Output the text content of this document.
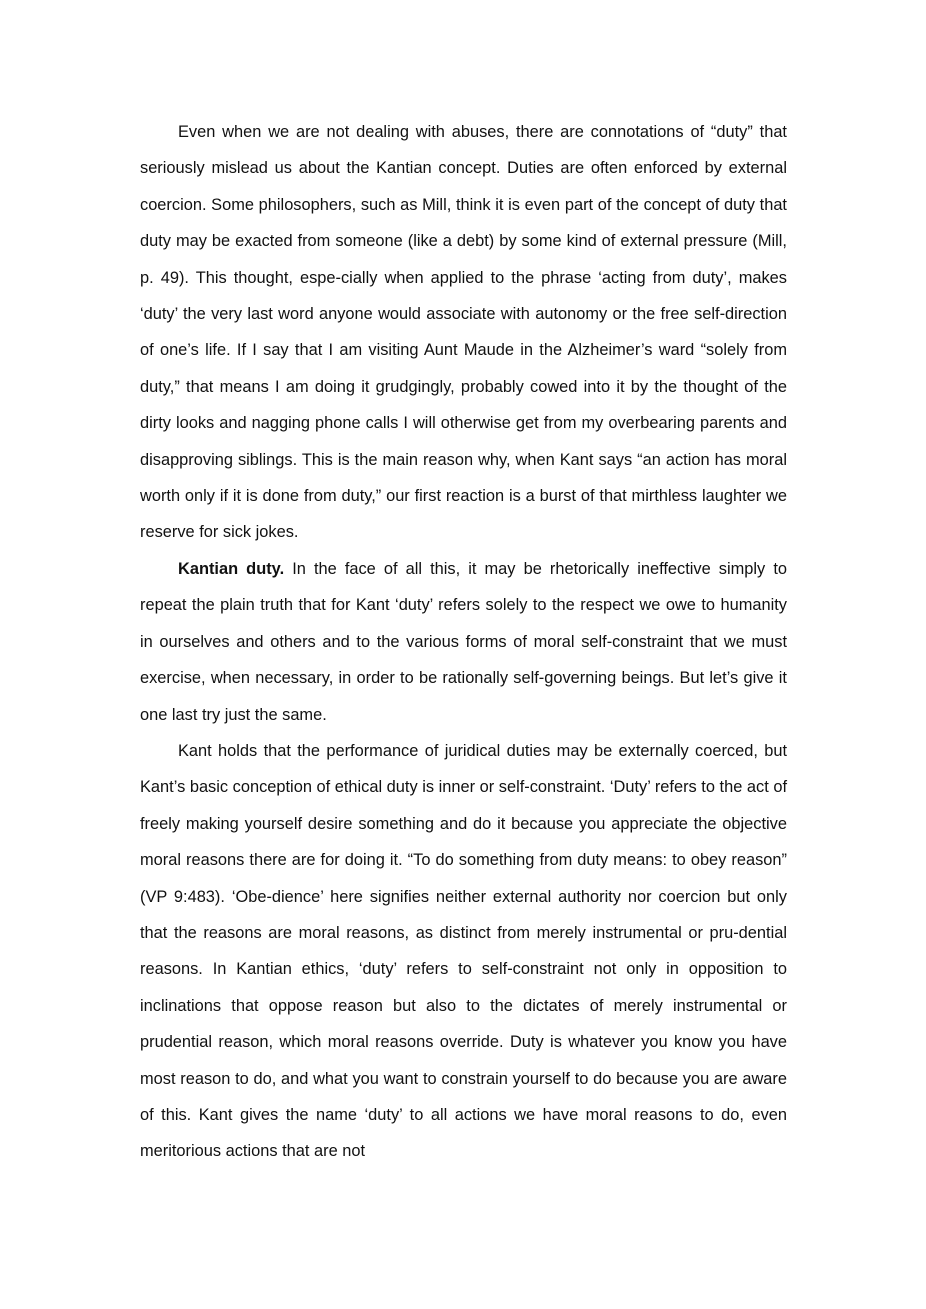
Even when we are not dealing with abuses, there are connotations of “duty” that seriously mislead us about the Kantian concept. Duties are often enforced by external coercion. Some philosophers, such as Mill, think it is even part of the concept of duty that duty may be exacted from someone (like a debt) by some kind of external pressure (Mill, p. 49). This thought, espe-cially when applied to the phrase ‘acting from duty’, makes ‘duty’ the very last word anyone would associate with autonomy or the free self-direction of one’s life. If I say that I am visiting Aunt Maude in the Alzheimer’s ward “solely from duty,” that means I am doing it grudgingly, probably cowed into it by the thought of the dirty looks and nagging phone calls I will otherwise get from my overbearing parents and disapproving siblings. This is the main reason why, when Kant says “an action has moral worth only if it is done from duty,” our first reaction is a burst of that mirthless laughter we reserve for sick jokes.

Kantian duty. In the face of all this, it may be rhetorically ineffective simply to repeat the plain truth that for Kant ‘duty’ refers solely to the respect we owe to humanity in ourselves and others and to the various forms of moral self-constraint that we must exercise, when necessary, in order to be rationally self-governing beings. But let’s give it one last try just the same.

Kant holds that the performance of juridical duties may be externally coerced, but Kant’s basic conception of ethical duty is inner or self-constraint. ‘Duty’ refers to the act of freely making yourself desire something and do it because you appreciate the objective moral reasons there are for doing it. “To do something from duty means: to obey reason” (VP 9:483). ‘Obe-dience’ here signifies neither external authority nor coercion but only that the reasons are moral reasons, as distinct from merely instrumental or pru-dential reasons. In Kantian ethics, ‘duty’ refers to self-constraint not only in opposition to inclinations that oppose reason but also to the dictates of merely instrumental or prudential reason, which moral reasons override. Duty is whatever you know you have most reason to do, and what you want to constrain yourself to do because you are aware of this. Kant gives the name ‘duty’ to all actions we have moral reasons to do, even meritorious actions that are not
